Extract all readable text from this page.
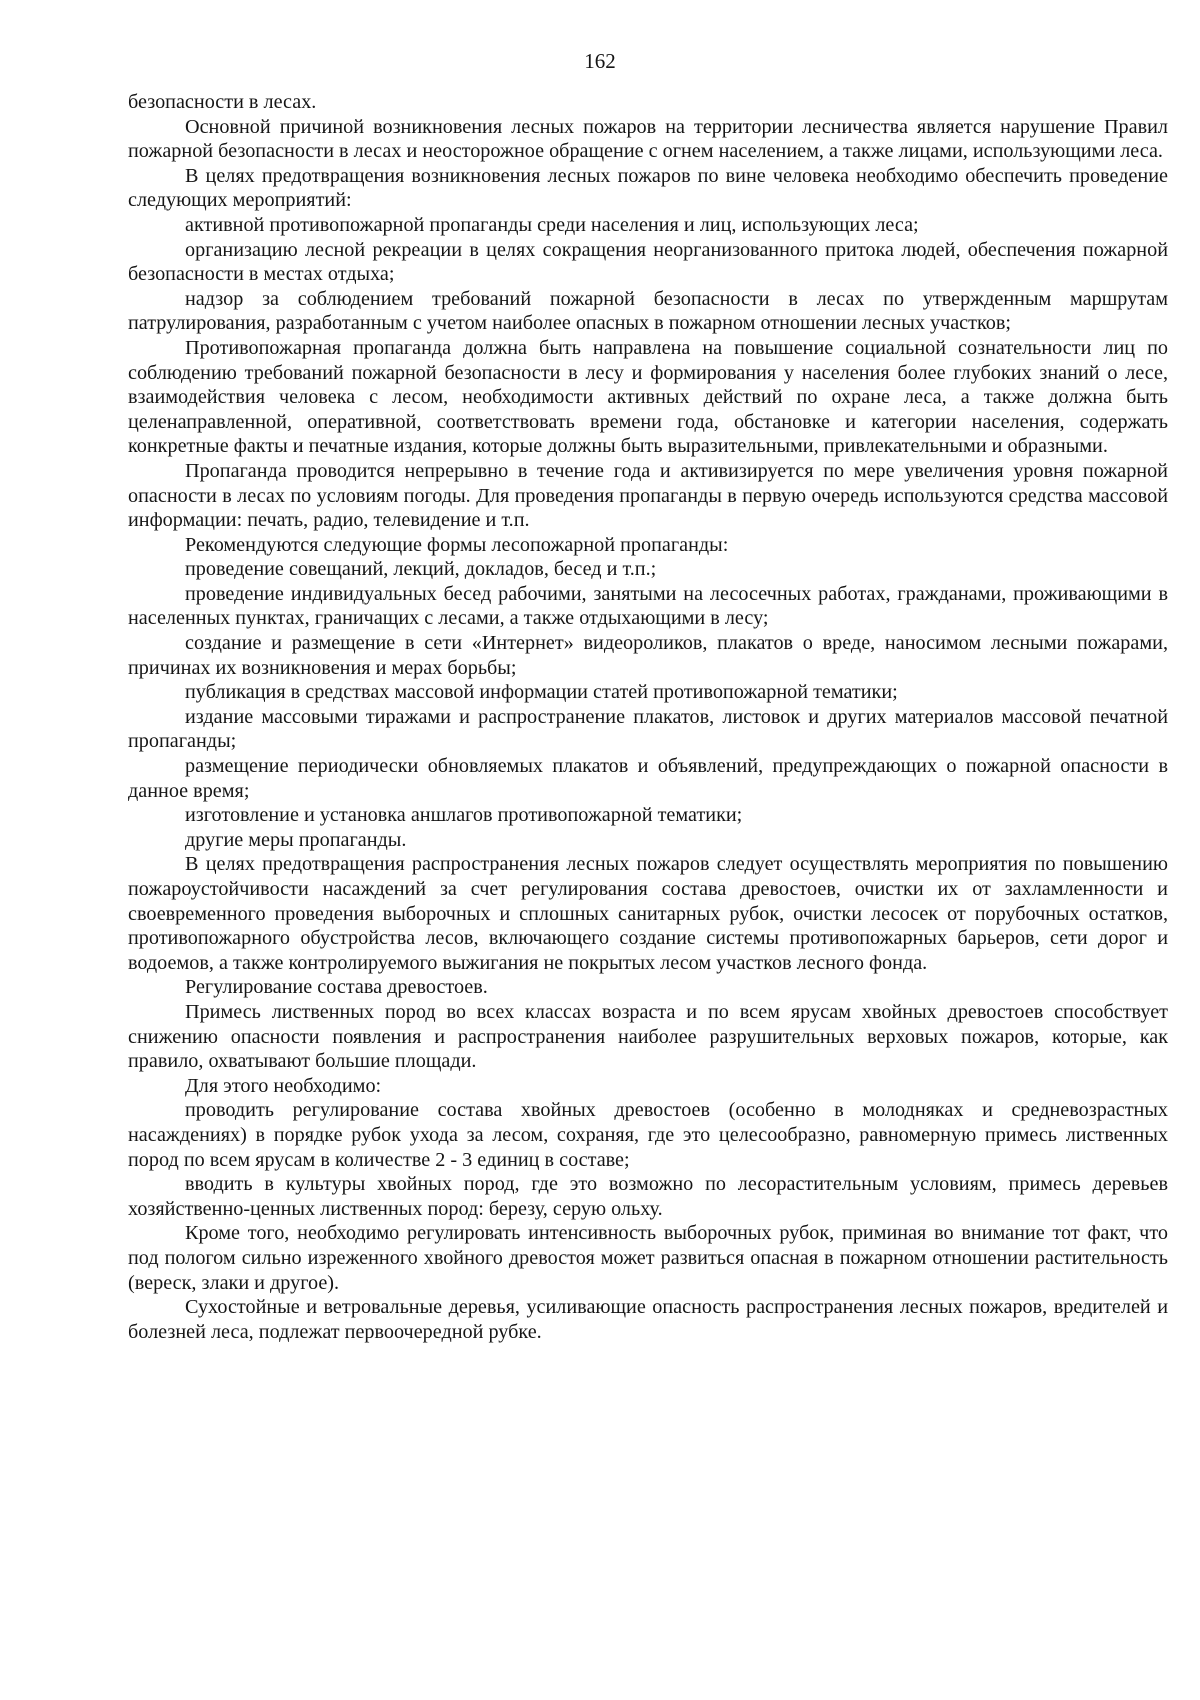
162

безопасности в лесах.

Основной причиной возникновения лесных пожаров на территории лесничества является нарушение Правил пожарной безопасности в лесах и неосторожное обращение с огнем населением, а также лицами, использующими леса.

В целях предотвращения возникновения лесных пожаров по вине человека необходимо обеспечить проведение следующих мероприятий:

активной противопожарной пропаганды среди населения и лиц, использующих леса;

организацию лесной рекреации в целях сокращения неорганизованного притока людей, обеспечения пожарной безопасности в местах отдыха;

надзор за соблюдением требований пожарной безопасности в лесах по утвержденным маршрутам патрулирования, разработанным с учетом наиболее опасных в пожарном отношении лесных участков;

Противопожарная пропаганда должна быть направлена на повышение социальной сознательности лиц по соблюдению требований пожарной безопасности в лесу и формирования у населения более глубоких знаний о лесе, взаимодействия человека с лесом, необходимости активных действий по охране леса, а также должна быть целенаправленной, оперативной, соответствовать времени года, обстановке и категории населения, содержать конкретные факты и печатные издания, которые должны быть выразительными, привлекательными и образными.

Пропаганда проводится непрерывно в течение года и активизируется по мере увеличения уровня пожарной опасности в лесах по условиям погоды. Для проведения пропаганды в первую очередь используются средства массовой информации: печать, радио, телевидение и т.п.

Рекомендуются следующие формы лесопожарной пропаганды:

проведение совещаний, лекций, докладов, бесед и т.п.;

проведение индивидуальных бесед рабочими, занятыми на лесосечных работах, гражданами, проживающими в населенных пунктах, граничащих с лесами, а также отдыхающими в лесу;

создание и размещение в сети «Интернет» видеороликов, плакатов о вреде, наносимом лесными пожарами, причинах их возникновения и мерах борьбы;

публикация в средствах массовой информации статей противопожарной тематики;

издание массовыми тиражами и распространение плакатов, листовок и других материалов массовой печатной пропаганды;

размещение периодически обновляемых плакатов и объявлений, предупреждающих о пожарной опасности в данное время;

изготовление и установка аншлагов противопожарной тематики;

другие меры пропаганды.

В целях предотвращения распространения лесных пожаров следует осуществлять мероприятия по повышению пожароустойчивости насаждений за счет регулирования состава древостоев, очистки их от захламленности и своевременного проведения выборочных и сплошных санитарных рубок, очистки лесосек от порубочных остатков, противопожарного обустройства лесов, включающего создание системы противопожарных барьеров, сети дорог и водоемов, а также контролируемого выжигания не покрытых лесом участков лесного фонда.

Регулирование состава древостоев.

Примесь лиственных пород во всех классах возраста и по всем ярусам хвойных древостоев способствует снижению опасности появления и распространения наиболее разрушительных верховых пожаров, которые, как правило, охватывают большие площади.

Для этого необходимо:

проводить регулирование состава хвойных древостоев (особенно в молодняках и средневозрастных насаждениях) в порядке рубок ухода за лесом, сохраняя, где это целесообразно, равномерную примесь лиственных пород по всем ярусам в количестве 2 - 3 единиц в составе;

вводить в культуры хвойных пород, где это возможно по лесорастительным условиям, примесь деревьев хозяйственно-ценных лиственных пород: березу, серую ольху.

Кроме того, необходимо регулировать интенсивность выборочных рубок, приминая во внимание тот факт, что под пологом сильно изреженного хвойного древостоя может развиться опасная в пожарном отношении растительность (вереск, злаки и другое).

Сухостойные и ветровальные деревья, усиливающие опасность распространения лесных пожаров, вредителей и болезней леса, подлежат первоочередной рубке.
